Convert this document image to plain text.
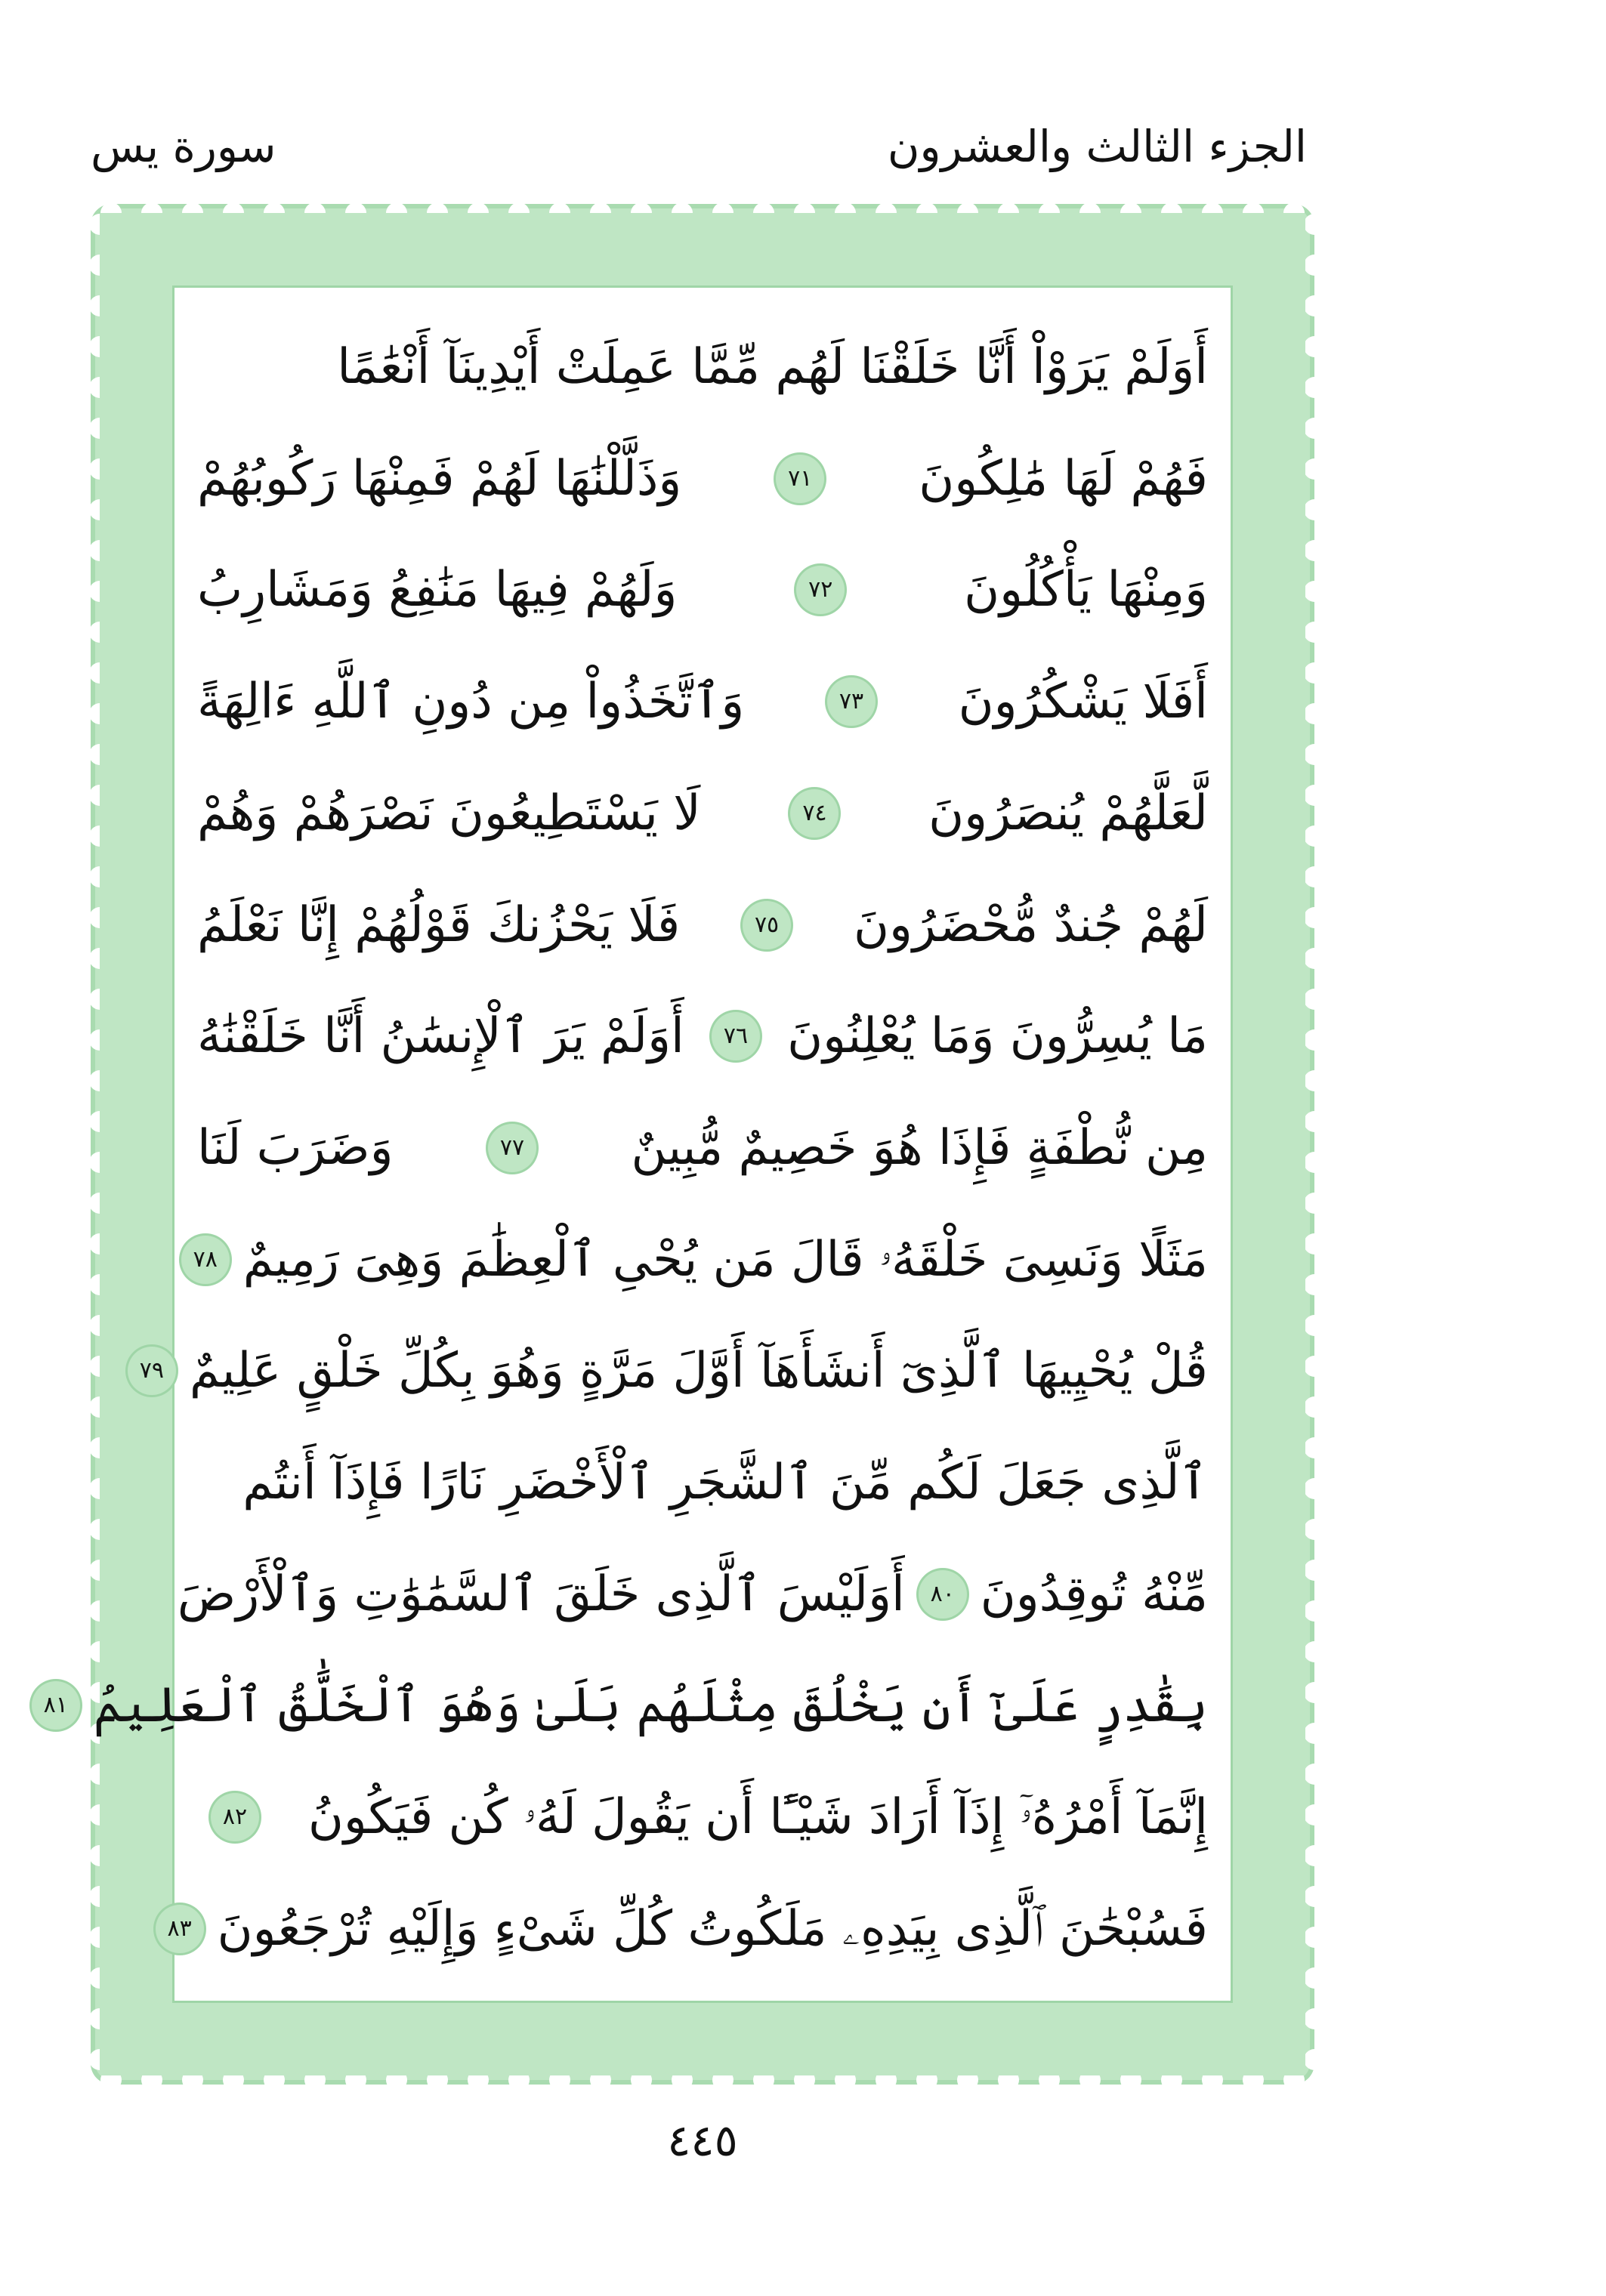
الجزء الثالث والعشرون
سورة يس
أَوَلَمْ يَرَوْاْ أَنَّا خَلَقْنَا لَهُم مِّمَّا عَمِلَتْ أَيْدِينَآ أَنْعَٰمًا
فَهُمْ لَهَا مَٰلِكُونَ
٧١
وَذَلَّلْنَٰهَا لَهُمْ فَمِنْهَا رَكُوبُهُمْ
وَمِنْهَا يَأْكُلُونَ
٧٢
وَلَهُمْ فِيهَا مَنَٰفِعُ وَمَشَارِبُ
أَفَلَا يَشْكُرُونَ
٧٣
وَٱتَّخَذُواْ مِن دُونِ ٱللَّهِ ءَالِهَةً
لَّعَلَّهُمْ يُنصَرُونَ
٧٤
لَا يَسْتَطِيعُونَ نَصْرَهُمْ وَهُمْ
لَهُمْ جُندٌ مُّحْضَرُونَ
٧٥
فَلَا يَحْزُنكَ قَوْلُهُمْ إِنَّا نَعْلَمُ
مَا يُسِرُّونَ وَمَا يُعْلِنُونَ
٧٦
أَوَلَمْ يَرَ ٱلْإِنسَٰنُ أَنَّا خَلَقْنَٰهُ
مِن نُّطْفَةٍ فَإِذَا هُوَ خَصِيمٌ مُّبِينٌ
٧٧
وَضَرَبَ لَنَا
مَثَلًا وَنَسِىَ خَلْقَهُۥ قَالَ مَن يُحْىِ ٱلْعِظَٰمَ وَهِىَ رَمِيمٌ
٧٨
قُلْ يُحْيِيهَا ٱلَّذِىٓ أَنشَأَهَآ أَوَّلَ مَرَّةٍ وَهُوَ بِكُلِّ خَلْقٍ عَلِيمٌ
٧٩
ٱلَّذِى جَعَلَ لَكُم مِّنَ ٱلشَّجَرِ ٱلْأَخْضَرِ نَارًا فَإِذَآ أَنتُم
مِّنْهُ تُوقِدُونَ
٨٠
أَوَلَيْسَ ٱلَّذِى خَلَقَ ٱلسَّمَٰوَٰتِ وَٱلْأَرْضَ
بِقَٰدِرٍ عَلَىٰٓ أَن يَخْلُقَ مِثْلَهُم بَلَىٰ وَهُوَ ٱلْخَلَّٰقُ ٱلْعَلِيمُ
٨١
إِنَّمَآ أَمْرُهُۥٓ إِذَآ أَرَادَ شَيْـًٔا أَن يَقُولَ لَهُۥ كُن فَيَكُونُ
٨٢
فَسُبْحَٰنَ ٱلَّذِى بِيَدِهِۦ مَلَكُوتُ كُلِّ شَىْءٍ وَإِلَيْهِ تُرْجَعُونَ
٨٣
٤٤٥
